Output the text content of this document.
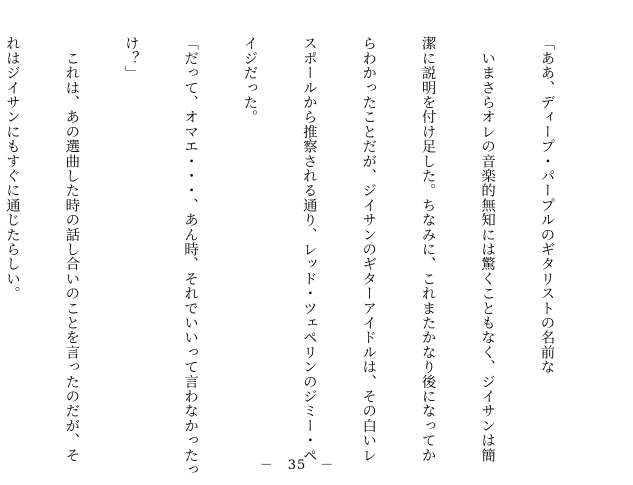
「ああ、ディープ・パープルのギタリストの名前な

　いまさらオレの音楽的無知には驚くこともなく、ジイサンは簡

潔に説明を付け足した。ちなみに、これまたかなり後になってか

らわかったことだが、ジイサンのギターアイドルは、その白いレ

スポールから推察される通り、レッド・ツェペリンのジミー・ペ

イジだった。

「だって、オマエ・・・、あん時、それでいいって言わなかったっ

け？」

　これは、あの選曲した時の話し合いのことを言ったのだが、そ

れはジイサンにもすぐに通じたらしい。

－　35　－
